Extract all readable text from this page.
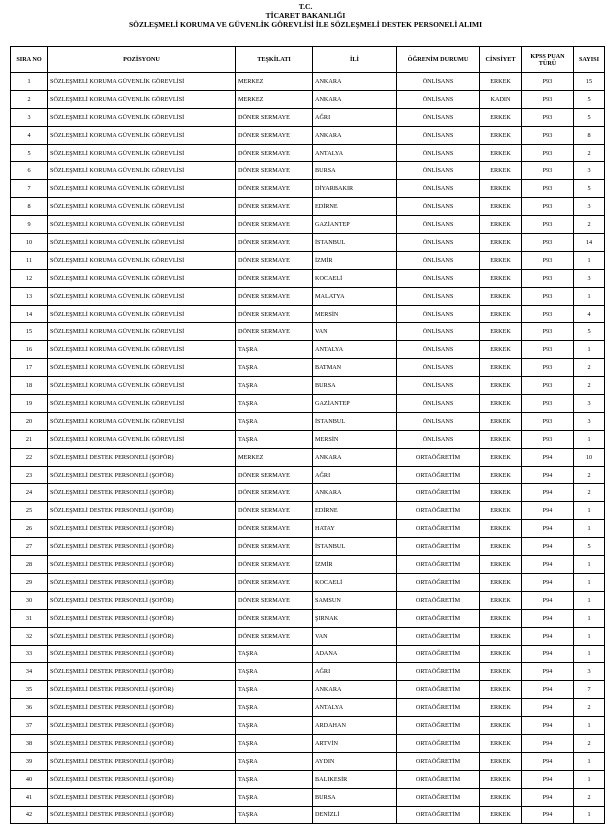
T.C.
TİCARET BAKANLIĞI
SÖZLEŞMELİ KORUMA VE GÜVENLİK GÖREVLİSİ İLE SÖZLEŞMELİ DESTEK PERSONELİ ALIMI
SIRA NO	POZİSYONU	TEŞKİLATI	İLİ	ÖĞRENİM DURUMU	CİNSİYET	KPSS PUAN TÜRÜ	SAYISI
1	SÖZLEŞMELİ KORUMA GÜVENLİK GÖREVLİSİ	MERKEZ	ANKARA	ÖNLİSANS	ERKEK	P93	15
2	SÖZLEŞMELİ KORUMA GÜVENLİK GÖREVLİSİ	MERKEZ	ANKARA	ÖNLİSANS	KADIN	P93	5
3	SÖZLEŞMELİ KORUMA GÜVENLİK GÖREVLİSİ	DÖNER SERMAYE	AĞRI	ÖNLİSANS	ERKEK	P93	5
4	SÖZLEŞMELİ KORUMA GÜVENLİK GÖREVLİSİ	DÖNER SERMAYE	ANKARA	ÖNLİSANS	ERKEK	P93	8
5	SÖZLEŞMELİ KORUMA GÜVENLİK GÖREVLİSİ	DÖNER SERMAYE	ANTALYA	ÖNLİSANS	ERKEK	P93	2
6	SÖZLEŞMELİ KORUMA GÜVENLİK GÖREVLİSİ	DÖNER SERMAYE	BURSA	ÖNLİSANS	ERKEK	P93	3
7	SÖZLEŞMELİ KORUMA GÜVENLİK GÖREVLİSİ	DÖNER SERMAYE	DİYARBAKIR	ÖNLİSANS	ERKEK	P93	5
8	SÖZLEŞMELİ KORUMA GÜVENLİK GÖREVLİSİ	DÖNER SERMAYE	EDİRNE	ÖNLİSANS	ERKEK	P93	3
9	SÖZLEŞMELİ KORUMA GÜVENLİK GÖREVLİSİ	DÖNER SERMAYE	GAZİANTEP	ÖNLİSANS	ERKEK	P93	2
10	SÖZLEŞMELİ KORUMA GÜVENLİK GÖREVLİSİ	DÖNER SERMAYE	İSTANBUL	ÖNLİSANS	ERKEK	P93	14
11	SÖZLEŞMELİ KORUMA GÜVENLİK GÖREVLİSİ	DÖNER SERMAYE	İZMİR	ÖNLİSANS	ERKEK	P93	1
12	SÖZLEŞMELİ KORUMA GÜVENLİK GÖREVLİSİ	DÖNER SERMAYE	KOCAELİ	ÖNLİSANS	ERKEK	P93	3
13	SÖZLEŞMELİ KORUMA GÜVENLİK GÖREVLİSİ	DÖNER SERMAYE	MALATYA	ÖNLİSANS	ERKEK	P93	1
14	SÖZLEŞMELİ KORUMA GÜVENLİK GÖREVLİSİ	DÖNER SERMAYE	MERSİN	ÖNLİSANS	ERKEK	P93	4
15	SÖZLEŞMELİ KORUMA GÜVENLİK GÖREVLİSİ	DÖNER SERMAYE	VAN	ÖNLİSANS	ERKEK	P93	5
16	SÖZLEŞMELİ KORUMA GÜVENLİK GÖREVLİSİ	TAŞRA	ANTALYA	ÖNLİSANS	ERKEK	P93	1
17	SÖZLEŞMELİ KORUMA GÜVENLİK GÖREVLİSİ	TAŞRA	BATMAN	ÖNLİSANS	ERKEK	P93	2
18	SÖZLEŞMELİ KORUMA GÜVENLİK GÖREVLİSİ	TAŞRA	BURSA	ÖNLİSANS	ERKEK	P93	2
19	SÖZLEŞMELİ KORUMA GÜVENLİK GÖREVLİSİ	TAŞRA	GAZİANTEP	ÖNLİSANS	ERKEK	P93	3
20	SÖZLEŞMELİ KORUMA GÜVENLİK GÖREVLİSİ	TAŞRA	İSTANBUL	ÖNLİSANS	ERKEK	P93	3
21	SÖZLEŞMELİ KORUMA GÜVENLİK GÖREVLİSİ	TAŞRA	MERSİN	ÖNLİSANS	ERKEK	P93	1
22	SÖZLEŞMELİ DESTEK PERSONELİ (ŞOFÖR)	MERKEZ	ANKARA	ORTAÖĞRETİM	ERKEK	P94	10
23	SÖZLEŞMELİ DESTEK PERSONELİ (ŞOFÖR)	DÖNER SERMAYE	AĞRI	ORTAÖĞRETİM	ERKEK	P94	2
24	SÖZLEŞMELİ DESTEK PERSONELİ (ŞOFÖR)	DÖNER SERMAYE	ANKARA	ORTAÖĞRETİM	ERKEK	P94	2
25	SÖZLEŞMELİ DESTEK PERSONELİ (ŞOFÖR)	DÖNER SERMAYE	EDİRNE	ORTAÖĞRETİM	ERKEK	P94	1
26	SÖZLEŞMELİ DESTEK PERSONELİ (ŞOFÖR)	DÖNER SERMAYE	HATAY	ORTAÖĞRETİM	ERKEK	P94	1
27	SÖZLEŞMELİ DESTEK PERSONELİ (ŞOFÖR)	DÖNER SERMAYE	İSTANBUL	ORTAÖĞRETİM	ERKEK	P94	5
28	SÖZLEŞMELİ DESTEK PERSONELİ (ŞOFÖR)	DÖNER SERMAYE	İZMİR	ORTAÖĞRETİM	ERKEK	P94	1
29	SÖZLEŞMELİ DESTEK PERSONELİ (ŞOFÖR)	DÖNER SERMAYE	KOCAELİ	ORTAÖĞRETİM	ERKEK	P94	1
30	SÖZLEŞMELİ DESTEK PERSONELİ (ŞOFÖR)	DÖNER SERMAYE	SAMSUN	ORTAÖĞRETİM	ERKEK	P94	1
31	SÖZLEŞMELİ DESTEK PERSONELİ (ŞOFÖR)	DÖNER SERMAYE	ŞIRNAK	ORTAÖĞRETİM	ERKEK	P94	1
32	SÖZLEŞMELİ DESTEK PERSONELİ (ŞOFÖR)	DÖNER SERMAYE	VAN	ORTAÖĞRETİM	ERKEK	P94	1
33	SÖZLEŞMELİ DESTEK PERSONELİ (ŞOFÖR)	TAŞRA	ADANA	ORTAÖĞRETİM	ERKEK	P94	1
34	SÖZLEŞMELİ DESTEK PERSONELİ (ŞOFÖR)	TAŞRA	AĞRI	ORTAÖĞRETİM	ERKEK	P94	3
35	SÖZLEŞMELİ DESTEK PERSONELİ (ŞOFÖR)	TAŞRA	ANKARA	ORTAÖĞRETİM	ERKEK	P94	7
36	SÖZLEŞMELİ DESTEK PERSONELİ (ŞOFÖR)	TAŞRA	ANTALYA	ORTAÖĞRETİM	ERKEK	P94	2
37	SÖZLEŞMELİ DESTEK PERSONELİ (ŞOFÖR)	TAŞRA	ARDAHAN	ORTAÖĞRETİM	ERKEK	P94	1
38	SÖZLEŞMELİ DESTEK PERSONELİ (ŞOFÖR)	TAŞRA	ARTVİN	ORTAÖĞRETİM	ERKEK	P94	2
39	SÖZLEŞMELİ DESTEK PERSONELİ (ŞOFÖR)	TAŞRA	AYDIN	ORTAÖĞRETİM	ERKEK	P94	1
40	SÖZLEŞMELİ DESTEK PERSONELİ (ŞOFÖR)	TAŞRA	BALIKESİR	ORTAÖĞRETİM	ERKEK	P94	1
41	SÖZLEŞMELİ DESTEK PERSONELİ (ŞOFÖR)	TAŞRA	BURSA	ORTAÖĞRETİM	ERKEK	P94	2
42	SÖZLEŞMELİ DESTEK PERSONELİ (ŞOFÖR)	TAŞRA	DENİZLİ	ORTAÖĞRETİM	ERKEK	P94	1
